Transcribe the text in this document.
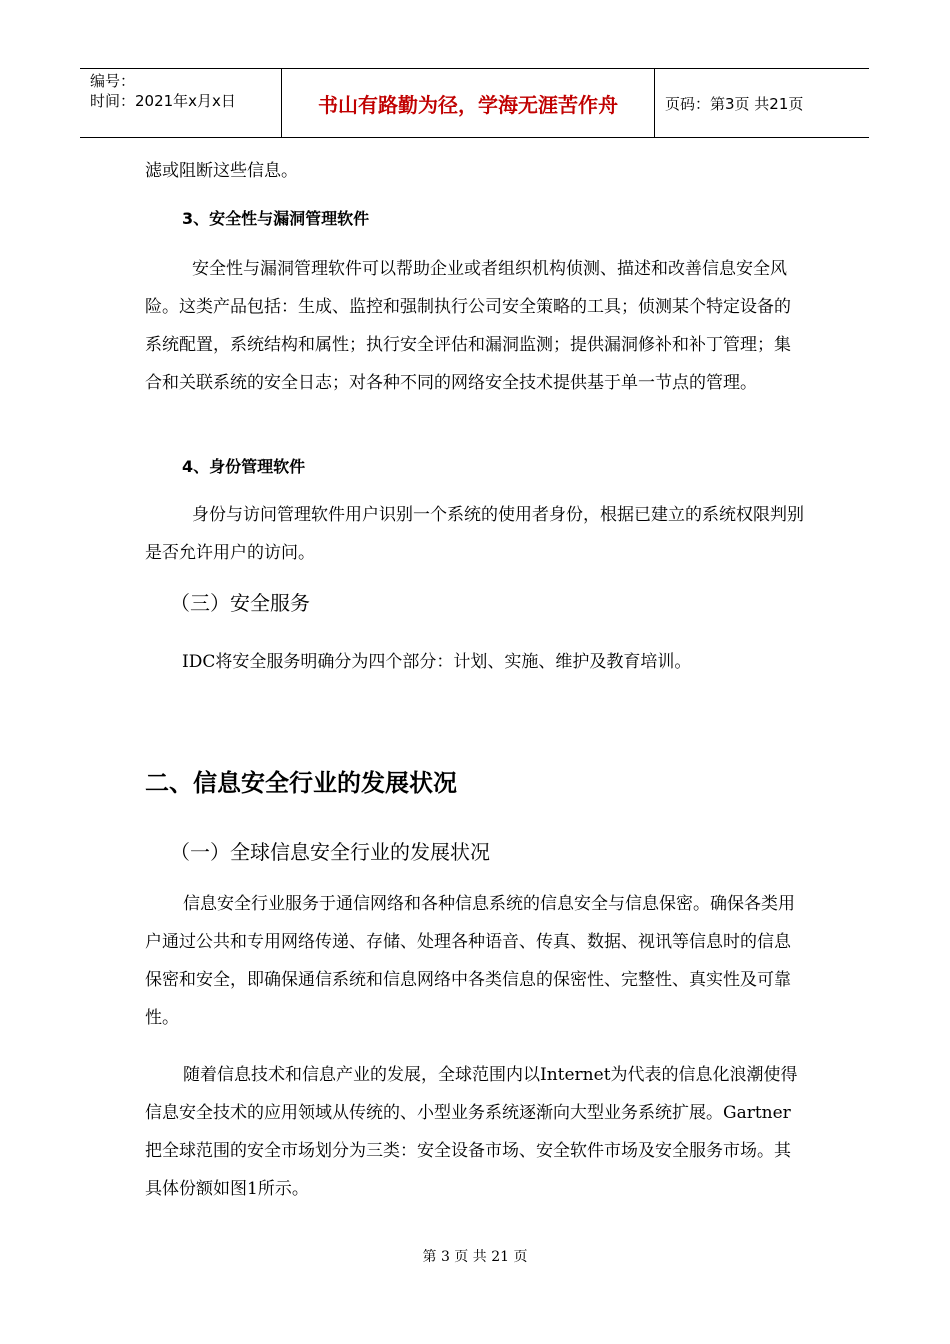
编号：
时间：2021年x月x日	书山有路勤为径，学海无涯苦作舟	页码：第3页 共21页

滤或阻断这些信息。

3、安全性与漏洞管理软件

安全性与漏洞管理软件可以帮助企业或者组织机构侦测、描述和改善信息安全风险。这类产品包括：生成、监控和强制执行公司安全策略的工具；侦测某个特定设备的系统配置，系统结构和属性；执行安全评估和漏洞监测；提供漏洞修补和补丁管理；集合和关联系统的安全日志；对各种不同的网络安全技术提供基于单一节点的管理。

4、身份管理软件

身份与访问管理软件用户识别一个系统的使用者身份，根据已建立的系统权限判别是否允许用户的访问。

（三）安全服务

IDC将安全服务明确分为四个部分：计划、实施、维护及教育培训。

二、信息安全行业的发展状况
（一）全球信息安全行业的发展状况

信息安全行业服务于通信网络和各种信息系统的信息安全与信息保密。确保各类用户通过公共和专用网络传递、存储、处理各种语音、传真、数据、视讯等信息时的信息保密和安全，即确保通信系统和信息网络中各类信息的保密性、完整性、真实性及可靠性。

随着信息技术和信息产业的发展，全球范围内以Internet为代表的信息化浪潮使得信息安全技术的应用领域从传统的、小型业务系统逐渐向大型业务系统扩展。Gartner把全球范围的安全市场划分为三类：安全设备市场、安全软件市场及安全服务市场。其具体份额如图1所示。

第 3 页 共 21 页
